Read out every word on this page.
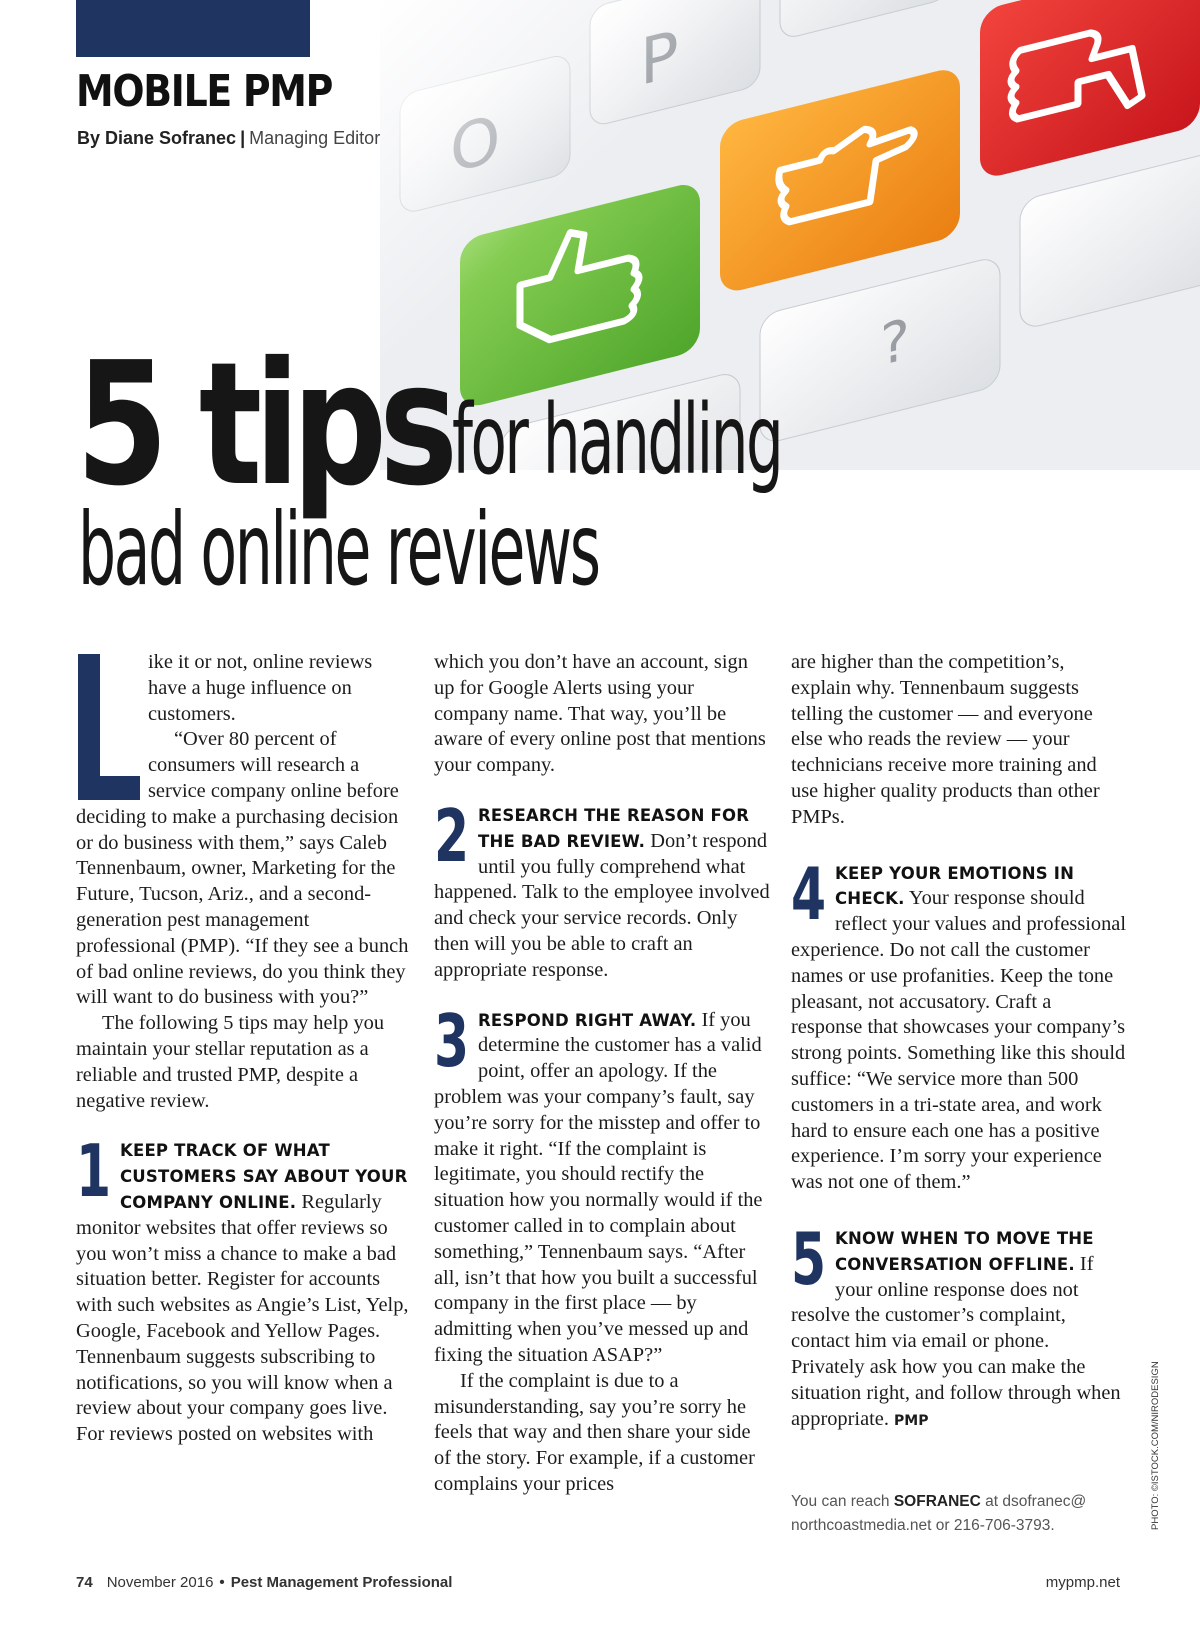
MOBILE PMP
By Diane Sofranec | Managing Editor
5 tips for handling
bad online reviews

ike it or not, online reviews have a huge influence on customers.

“Over 80 percent of consumers will research a service company online before deciding to make a purchasing decision or do business with them,” says Caleb Tennenbaum, owner, Marketing for the Future, Tucson, Ariz., and a second-generation pest management professional (PMP). “If they see a bunch of bad online reviews, do you think they will want to do business with you?”

The following 5 tips may help you maintain your stellar reputation as a reliable and trusted PMP, despite a negative review.

1 KEEP TRACK OF WHAT CUSTOMERS SAY ABOUT YOUR COMPANY ONLINE. Regularly monitor websites that offer reviews so you won’t miss a chance to make a bad situation better. Register for accounts with such websites as Angie’s List, Yelp, Google, Facebook and Yellow Pages. Tennenbaum suggests subscribing to notifications, so you will know when a review about your company goes live. For reviews posted on websites with

which you don’t have an account, sign up for Google Alerts using your company name. That way, you’ll be aware of every online post that mentions your company.

2 RESEARCH THE REASON FOR THE BAD REVIEW. Don’t respond until you fully comprehend what happened. Talk to the employee involved and check your service records. Only then will you be able to craft an appropriate response.

3 RESPOND RIGHT AWAY. If you determine the customer has a valid point, offer an apology. If the problem was your company’s fault, say you’re sorry for the misstep and offer to make it right. “If the complaint is legitimate, you should rectify the situation how you normally would if the customer called in to complain about something,” Tennenbaum says. “After all, isn’t that how you built a successful company in the first place — by admitting when you’ve messed up and fixing the situation ASAP?”

If the complaint is due to a misunderstanding, say you’re sorry he feels that way and then share your side of the story. For example, if a customer complains your prices

are higher than the competition’s, explain why. Tennenbaum suggests telling the customer — and everyone else who reads the review — your technicians receive more training and use higher quality products than other PMPs.

4 KEEP YOUR EMOTIONS IN CHECK. Your response should reflect your values and professional experience. Do not call the customer names or use profanities. Keep the tone pleasant, not accusatory. Craft a response that showcases your company’s strong points. Something like this should suffice: “We service more than 500 customers in a tri-state area, and work hard to ensure each one has a positive experience. I’m sorry your experience was not one of them.”

5 KNOW WHEN TO MOVE THE CONVERSATION OFFLINE. If your online response does not resolve the customer’s complaint, contact him via email or phone. Privately ask how you can make the situation right, and follow through when appropriate. PMP

You can reach SOFRANEC at dsofranec@ northcoastmedia.net or 216-706-3793.	PHOTO: ©ISTOCK.COM/NIRODESIGN
74 November 2016 • Pest Management Professional	mypmp.net
